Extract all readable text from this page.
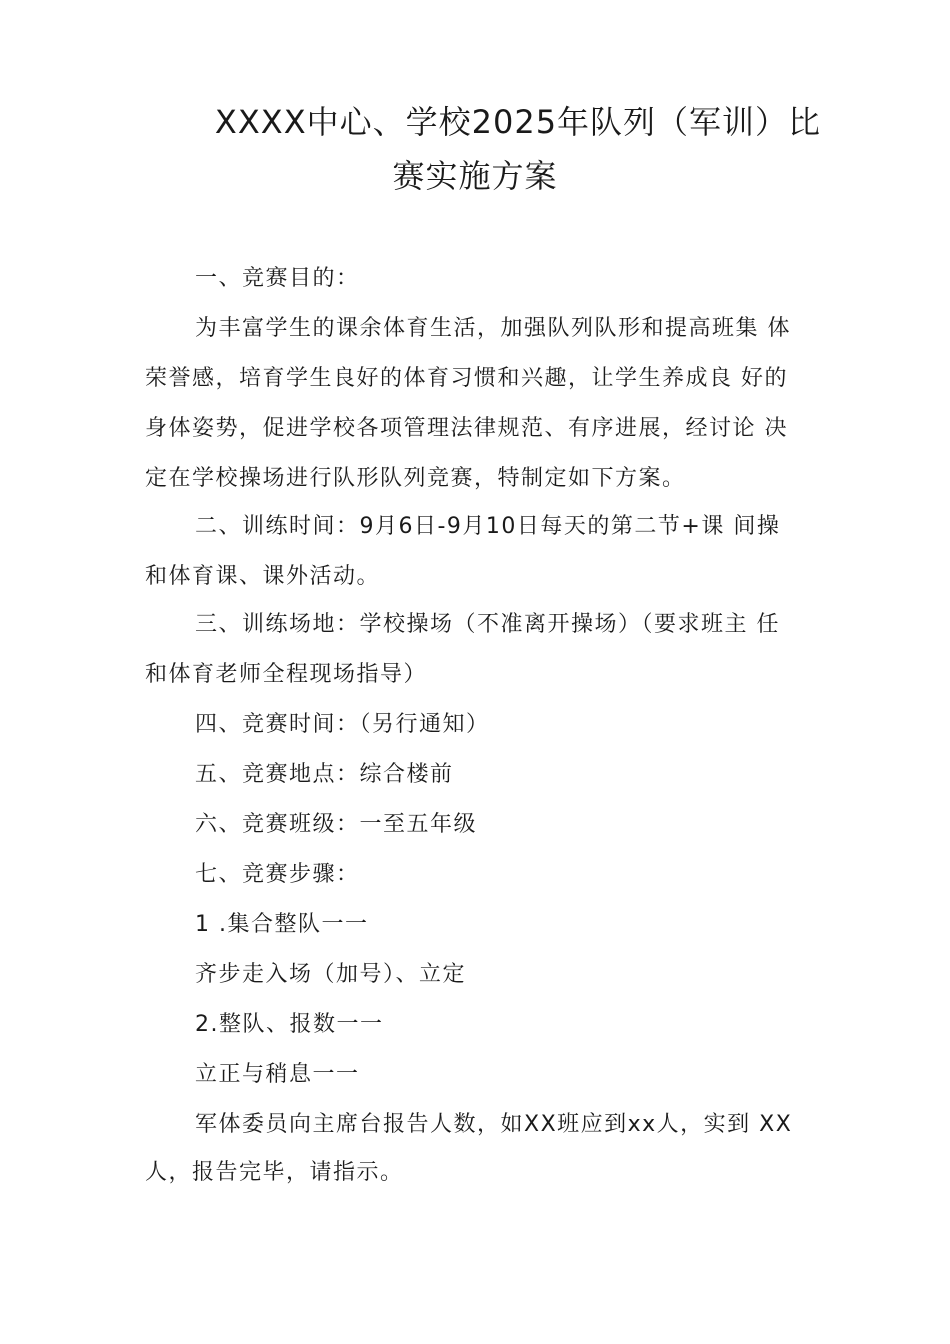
XXXX中心、学校2025年队列（军训）比
赛实施方案
一、竞赛目的：
为丰富学生的课余体育生活，加强队列队形和提高班集 体
荣誉感，培育学生良好的体育习惯和兴趣，让学生养成良 好的
身体姿势，促进学校各项管理法律规范、有序进展，经讨论 决
定在学校操场进行队形队列竞赛，特制定如下方案。
二、训练时间：9月6日-9月10日每天的第二节+课 间操
和体育课、课外活动。
三、训练场地：学校操场（不准离开操场）（要求班主 任
和体育老师全程现场指导）
四、竞赛时间：（另行通知）
五、竞赛地点：综合楼前
六、竞赛班级：一至五年级
七、竞赛步骤：
1 .集合整队一一
齐步走入场（加号）、立定
2.整队、报数一一
立正与稍息一一
军体委员向主席台报告人数，如XX班应到xx人，实到 XX
人，报告完毕，请指示。
